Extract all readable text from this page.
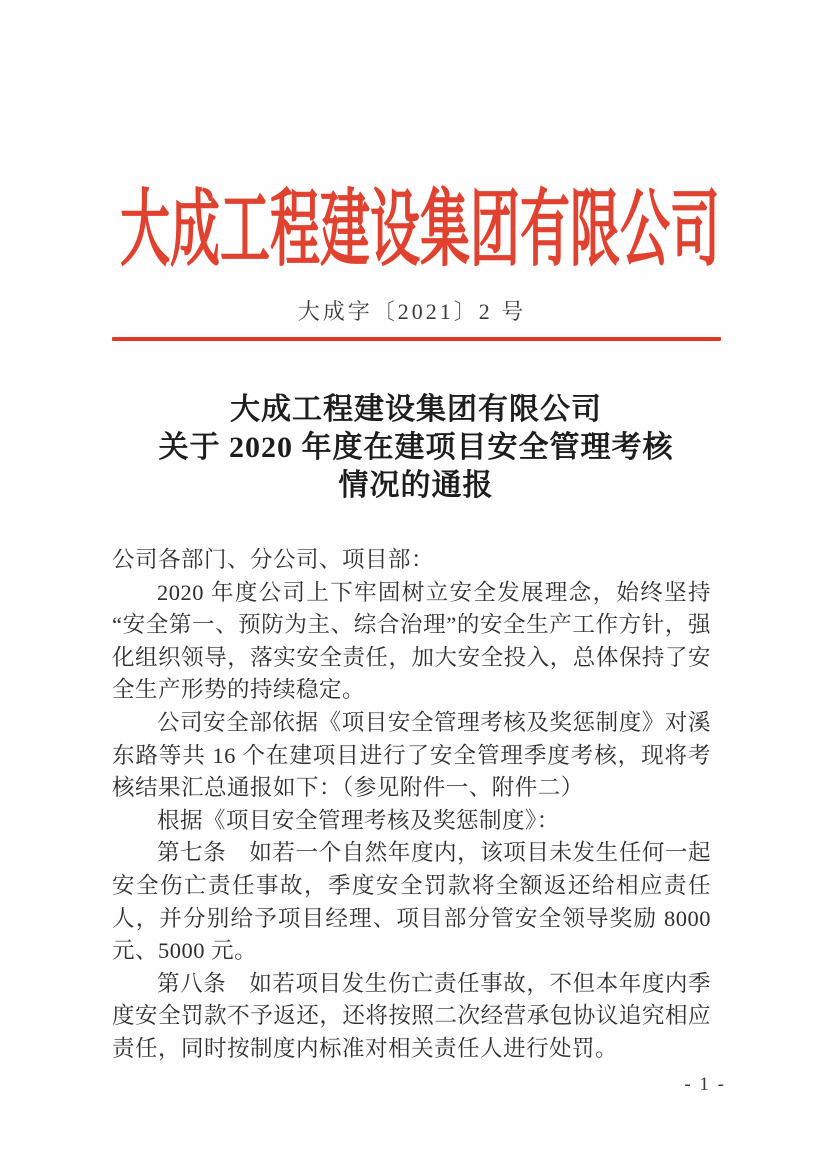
大成工程建设集团有限公司
大成字〔2021〕2 号
大成工程建设集团有限公司
关于 2020 年度在建项目安全管理考核
情况的通报

公司各部门、分公司、项目部：

2020 年度公司上下牢固树立安全发展理念，始终坚持“安全第一、预防为主、综合治理”的安全生产工作方针，强化组织领导，落实安全责任，加大安全投入，总体保持了安全生产形势的持续稳定。

公司安全部依据《项目安全管理考核及奖惩制度》对溪东路等共 16 个在建项目进行了安全管理季度考核，现将考核结果汇总通报如下：（参见附件一、附件二）

根据《项目安全管理考核及奖惩制度》：

第七条　如若一个自然年度内，该项目未发生任何一起安全伤亡责任事故，季度安全罚款将全额返还给相应责任人，并分别给予项目经理、项目部分管安全领导奖励 8000 元、5000 元。

第八条　如若项目发生伤亡责任事故，不但本年度内季度安全罚款不予返还，还将按照二次经营承包协议追究相应责任，同时按制度内标准对相关责任人进行处罚。

- 1 -
